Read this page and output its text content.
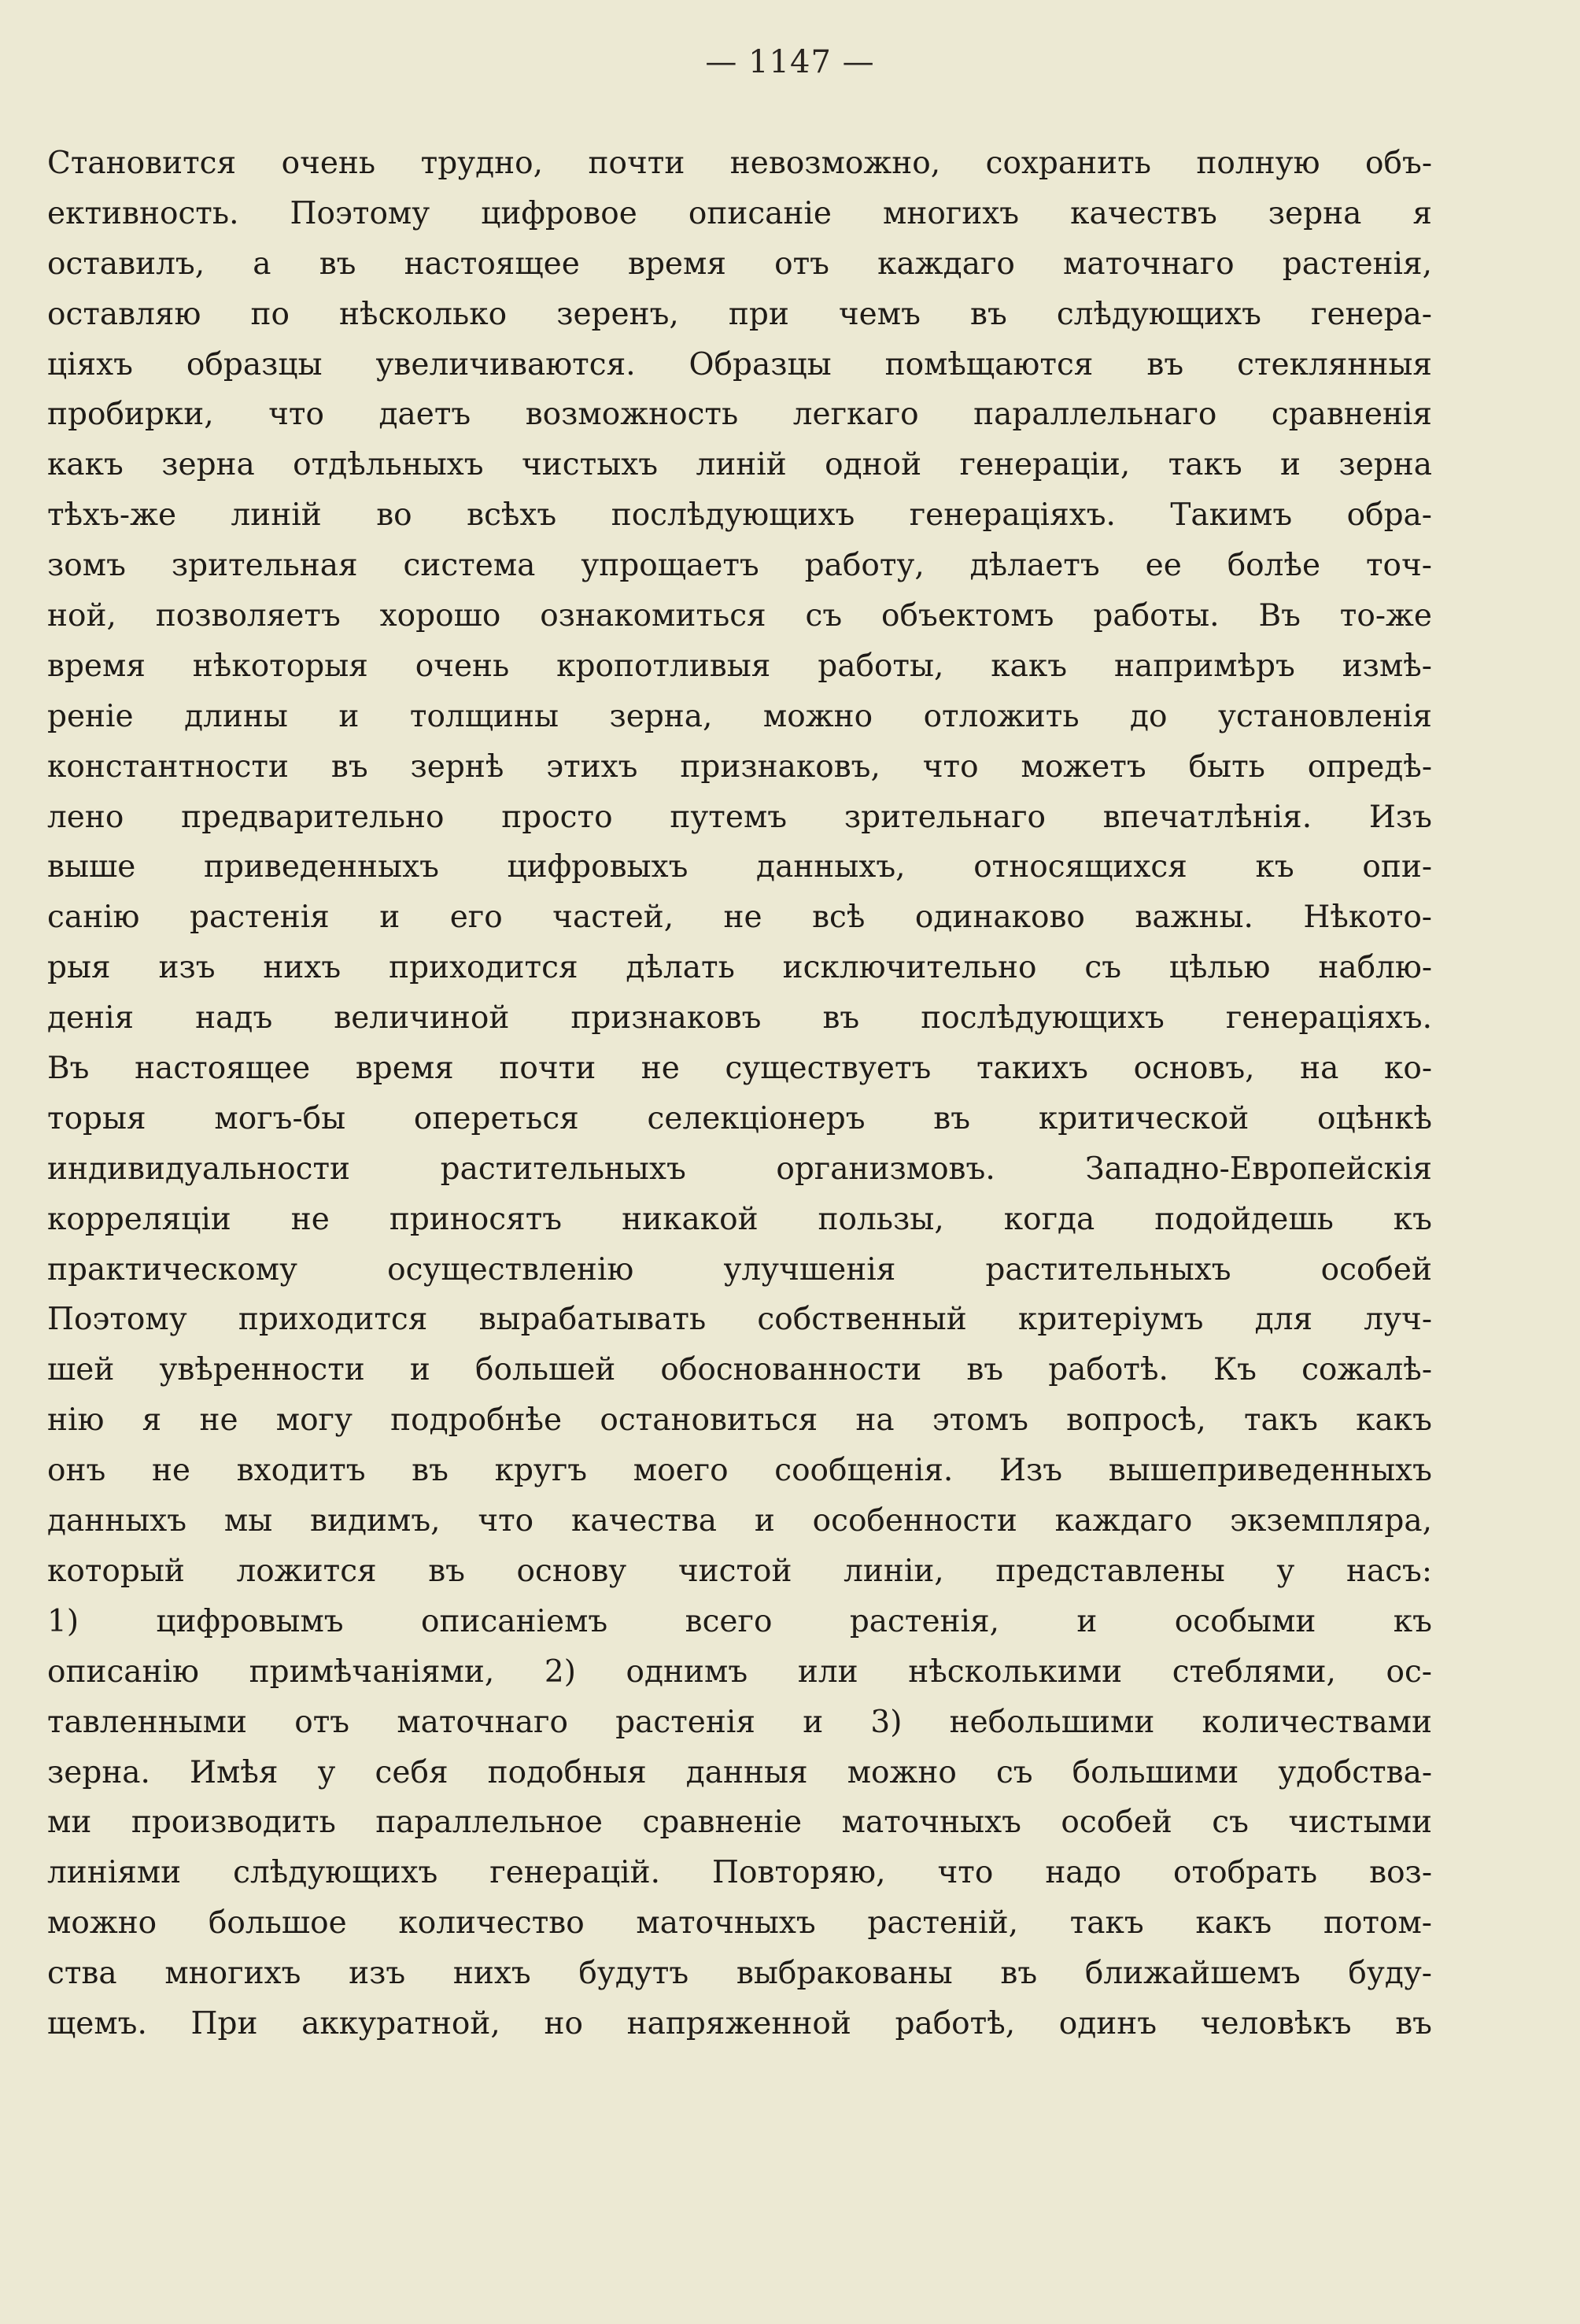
— 1147 —
Становится очень трудно, почти невозможно, сохранить полную объ-
ективность. Поэтому цифровое описаніе многихъ качествъ зерна я
оставилъ, а въ настоящее время отъ каждаго маточнаго растенія,
оставляю по нѣсколько зеренъ, при чемъ въ слѣдующихъ генера-
ціяхъ образцы увеличиваются. Образцы помѣщаются въ стеклянныя
пробирки, что даетъ возможность легкаго параллельнаго сравненія
какъ зерна отдѣльныхъ чистыхъ линій одной генераціи, такъ и зерна
тѣхъ-же линій во всѣхъ послѣдующихъ генераціяхъ. Такимъ обра-
зомъ зрительная система упрощаетъ работу, дѣлаетъ ее болѣе точ-
ной, позволяетъ хорошо ознакомиться съ объектомъ работы. Въ то-же
время нѣкоторыя очень кропотливыя работы, какъ напримѣръ измѣ-
реніе длины и толщины зерна, можно отложить до установленія
константности въ зернѣ этихъ признаковъ, что можетъ быть опредѣ-
лено предварительно просто путемъ зрительнаго впечатлѣнія. Изъ
выше приведенныхъ цифровыхъ данныхъ, относящихся къ опи-
санію растенія и его частей, не всѣ одинаково важны. Нѣкото-
рыя изъ нихъ приходится дѣлать исключительно съ цѣлью наблю-
денія надъ величиной признаковъ въ послѣдующихъ генераціяхъ.
Въ настоящее время почти не существуетъ такихъ основъ, на ко-
торыя могъ-бы опереться селекціонеръ въ критической оцѣнкѣ
индивидуальности растительныхъ организмовъ. Западно-Европейскія
корреляціи не приносятъ никакой пользы, когда подойдешь къ
практическому осуществленію улучшенія растительныхъ особей
Поэтому приходится вырабатывать собственный критеріумъ для луч-
шей увѣренности и большей обоснованности въ работѣ. Къ сожалѣ-
нію я не могу подробнѣе остановиться на этомъ вопросѣ, такъ какъ
онъ не входитъ въ кругъ моего сообщенія. Изъ вышеприведенныхъ
данныхъ мы видимъ, что качества и особенности каждаго экземпляра,
который ложится въ основу чистой линіи, представлены у насъ:
1) цифровымъ описаніемъ всего растенія, и особыми къ
описанію примѣчаніями, 2) однимъ или нѣсколькими стеблями, ос-
тавленными отъ маточнаго растенія и 3) небольшими количествами
зерна. Имѣя у себя подобныя данныя можно съ большими удобства-
ми производить параллельное сравненіе маточныхъ особей съ чистыми
линіями слѣдующихъ генерацій. Повторяю, что надо отобрать воз-
можно большое количество маточныхъ растеній, такъ какъ потом-
ства многихъ изъ нихъ будутъ выбракованы въ ближайшемъ буду-
щемъ. При аккуратной, но напряженной работѣ, одинъ человѣкъ въ
